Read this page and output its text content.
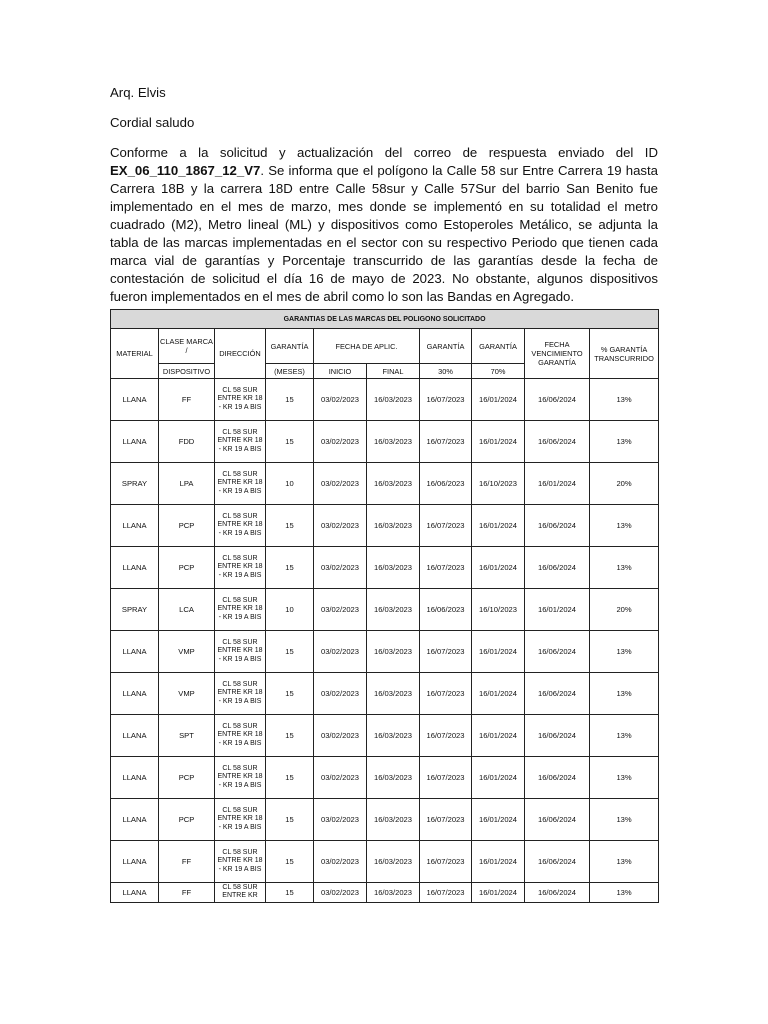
Arq. Elvis

Cordial saludo

Conforme a la solicitud y actualización del correo de respuesta enviado del ID EX_06_110_1867_12_V7. Se informa que el polígono la Calle 58 sur Entre Carrera 19 hasta Carrera 18B y la carrera 18D entre Calle 58sur y Calle 57Sur del barrio San Benito fue implementado en el mes de marzo, mes donde se implementó en su totalidad el metro cuadrado (M2), Metro lineal (ML) y dispositivos como Estoperoles Metálico, se adjunta la tabla de las marcas implementadas en el sector con su respectivo Periodo que tienen cada marca vial de garantías y Porcentaje transcurrido de las garantías desde la fecha de contestación de solicitud el día 16 de mayo de 2023. No obstante, algunos dispositivos fueron implementados en el mes de abril como lo son las Bandas en Agregado.

GARANTIAS DE LAS MARCAS DEL POLIGONO SOLICITADO									
MATERIAL	CLASE MARCA /	DIRECCIÓN	GARANTÍA	FECHA DE APLIC.		GARANTÍA	GARANTÍA	FECHA VENCIMIENTO GARANTÍA	% GARANTÍA TRANSCURRIDO
	DISPOSITIVO		(MESES)	INICIO	FINAL	30%	70%		
LLANA	FF	CL 58 SUR ENTRE KR 18 - KR 19 A BIS	15	03/02/2023	16/03/2023	16/07/2023	16/01/2024	16/06/2024	13%
LLANA	FDD	CL 58 SUR ENTRE KR 18 - KR 19 A BIS	15	03/02/2023	16/03/2023	16/07/2023	16/01/2024	16/06/2024	13%
SPRAY	LPA	CL 58 SUR ENTRE KR 18 - KR 19 A BIS	10	03/02/2023	16/03/2023	16/06/2023	16/10/2023	16/01/2024	20%
LLANA	PCP	CL 58 SUR ENTRE KR 18 - KR 19 A BIS	15	03/02/2023	16/03/2023	16/07/2023	16/01/2024	16/06/2024	13%
LLANA	PCP	CL 58 SUR ENTRE KR 18 - KR 19 A BIS	15	03/02/2023	16/03/2023	16/07/2023	16/01/2024	16/06/2024	13%
SPRAY	LCA	CL 58 SUR ENTRE KR 18 - KR 19 A BIS	10	03/02/2023	16/03/2023	16/06/2023	16/10/2023	16/01/2024	20%
LLANA	VMP	CL 58 SUR ENTRE KR 18 - KR 19 A BIS	15	03/02/2023	16/03/2023	16/07/2023	16/01/2024	16/06/2024	13%
LLANA	VMP	CL 58 SUR ENTRE KR 18 - KR 19 A BIS	15	03/02/2023	16/03/2023	16/07/2023	16/01/2024	16/06/2024	13%
LLANA	SPT	CL 58 SUR ENTRE KR 18 - KR 19 A BIS	15	03/02/2023	16/03/2023	16/07/2023	16/01/2024	16/06/2024	13%
LLANA	PCP	CL 58 SUR ENTRE KR 18 - KR 19 A BIS	15	03/02/2023	16/03/2023	16/07/2023	16/01/2024	16/06/2024	13%
LLANA	PCP	CL 58 SUR ENTRE KR 18 - KR 19 A BIS	15	03/02/2023	16/03/2023	16/07/2023	16/01/2024	16/06/2024	13%
LLANA	FF	CL 58 SUR ENTRE KR 18 - KR 19 A BIS	15	03/02/2023	16/03/2023	16/07/2023	16/01/2024	16/06/2024	13%
LLANA	FF	CL 58 SUR ENTRE KR	15	03/02/2023	16/03/2023	16/07/2023	16/01/2024	16/06/2024	13%
